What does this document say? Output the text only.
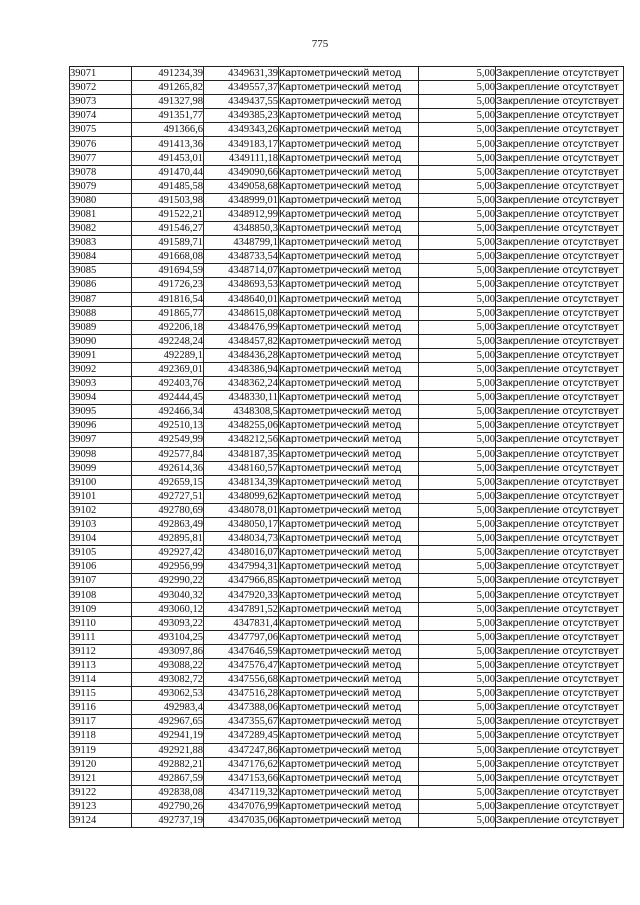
775
39071	491234,39	4349631,39	Картометрический метод	5,00	Закрепление отсутствует
39072	491265,82	4349557,37	Картометрический метод	5,00	Закрепление отсутствует
39073	491327,98	4349437,55	Картометрический метод	5,00	Закрепление отсутствует
39074	491351,77	4349385,23	Картометрический метод	5,00	Закрепление отсутствует
39075	491366,6	4349343,26	Картометрический метод	5,00	Закрепление отсутствует
39076	491413,36	4349183,17	Картометрический метод	5,00	Закрепление отсутствует
39077	491453,01	4349111,18	Картометрический метод	5,00	Закрепление отсутствует
39078	491470,44	4349090,66	Картометрический метод	5,00	Закрепление отсутствует
39079	491485,58	4349058,68	Картометрический метод	5,00	Закрепление отсутствует
39080	491503,98	4348999,01	Картометрический метод	5,00	Закрепление отсутствует
39081	491522,21	4348912,99	Картометрический метод	5,00	Закрепление отсутствует
39082	491546,27	4348850,3	Картометрический метод	5,00	Закрепление отсутствует
39083	491589,71	4348799,1	Картометрический метод	5,00	Закрепление отсутствует
39084	491668,08	4348733,54	Картометрический метод	5,00	Закрепление отсутствует
39085	491694,59	4348714,07	Картометрический метод	5,00	Закрепление отсутствует
39086	491726,23	4348693,53	Картометрический метод	5,00	Закрепление отсутствует
39087	491816,54	4348640,01	Картометрический метод	5,00	Закрепление отсутствует
39088	491865,77	4348615,08	Картометрический метод	5,00	Закрепление отсутствует
39089	492206,18	4348476,99	Картометрический метод	5,00	Закрепление отсутствует
39090	492248,24	4348457,82	Картометрический метод	5,00	Закрепление отсутствует
39091	492289,1	4348436,28	Картометрический метод	5,00	Закрепление отсутствует
39092	492369,01	4348386,94	Картометрический метод	5,00	Закрепление отсутствует
39093	492403,76	4348362,24	Картометрический метод	5,00	Закрепление отсутствует
39094	492444,45	4348330,11	Картометрический метод	5,00	Закрепление отсутствует
39095	492466,34	4348308,5	Картометрический метод	5,00	Закрепление отсутствует
39096	492510,13	4348255,06	Картометрический метод	5,00	Закрепление отсутствует
39097	492549,99	4348212,56	Картометрический метод	5,00	Закрепление отсутствует
39098	492577,84	4348187,35	Картометрический метод	5,00	Закрепление отсутствует
39099	492614,36	4348160,57	Картометрический метод	5,00	Закрепление отсутствует
39100	492659,15	4348134,39	Картометрический метод	5,00	Закрепление отсутствует
39101	492727,51	4348099,62	Картометрический метод	5,00	Закрепление отсутствует
39102	492780,69	4348078,01	Картометрический метод	5,00	Закрепление отсутствует
39103	492863,49	4348050,17	Картометрический метод	5,00	Закрепление отсутствует
39104	492895,81	4348034,73	Картометрический метод	5,00	Закрепление отсутствует
39105	492927,42	4348016,07	Картометрический метод	5,00	Закрепление отсутствует
39106	492956,99	4347994,31	Картометрический метод	5,00	Закрепление отсутствует
39107	492990,22	4347966,85	Картометрический метод	5,00	Закрепление отсутствует
39108	493040,32	4347920,33	Картометрический метод	5,00	Закрепление отсутствует
39109	493060,12	4347891,52	Картометрический метод	5,00	Закрепление отсутствует
39110	493093,22	4347831,4	Картометрический метод	5,00	Закрепление отсутствует
39111	493104,25	4347797,06	Картометрический метод	5,00	Закрепление отсутствует
39112	493097,86	4347646,59	Картометрический метод	5,00	Закрепление отсутствует
39113	493088,22	4347576,47	Картометрический метод	5,00	Закрепление отсутствует
39114	493082,72	4347556,68	Картометрический метод	5,00	Закрепление отсутствует
39115	493062,53	4347516,28	Картометрический метод	5,00	Закрепление отсутствует
39116	492983,4	4347388,06	Картометрический метод	5,00	Закрепление отсутствует
39117	492967,65	4347355,67	Картометрический метод	5,00	Закрепление отсутствует
39118	492941,19	4347289,45	Картометрический метод	5,00	Закрепление отсутствует
39119	492921,88	4347247,86	Картометрический метод	5,00	Закрепление отсутствует
39120	492882,21	4347176,62	Картометрический метод	5,00	Закрепление отсутствует
39121	492867,59	4347153,66	Картометрический метод	5,00	Закрепление отсутствует
39122	492838,08	4347119,32	Картометрический метод	5,00	Закрепление отсутствует
39123	492790,26	4347076,99	Картометрический метод	5,00	Закрепление отсутствует
39124	492737,19	4347035,06	Картометрический метод	5,00	Закрепление отсутствует
